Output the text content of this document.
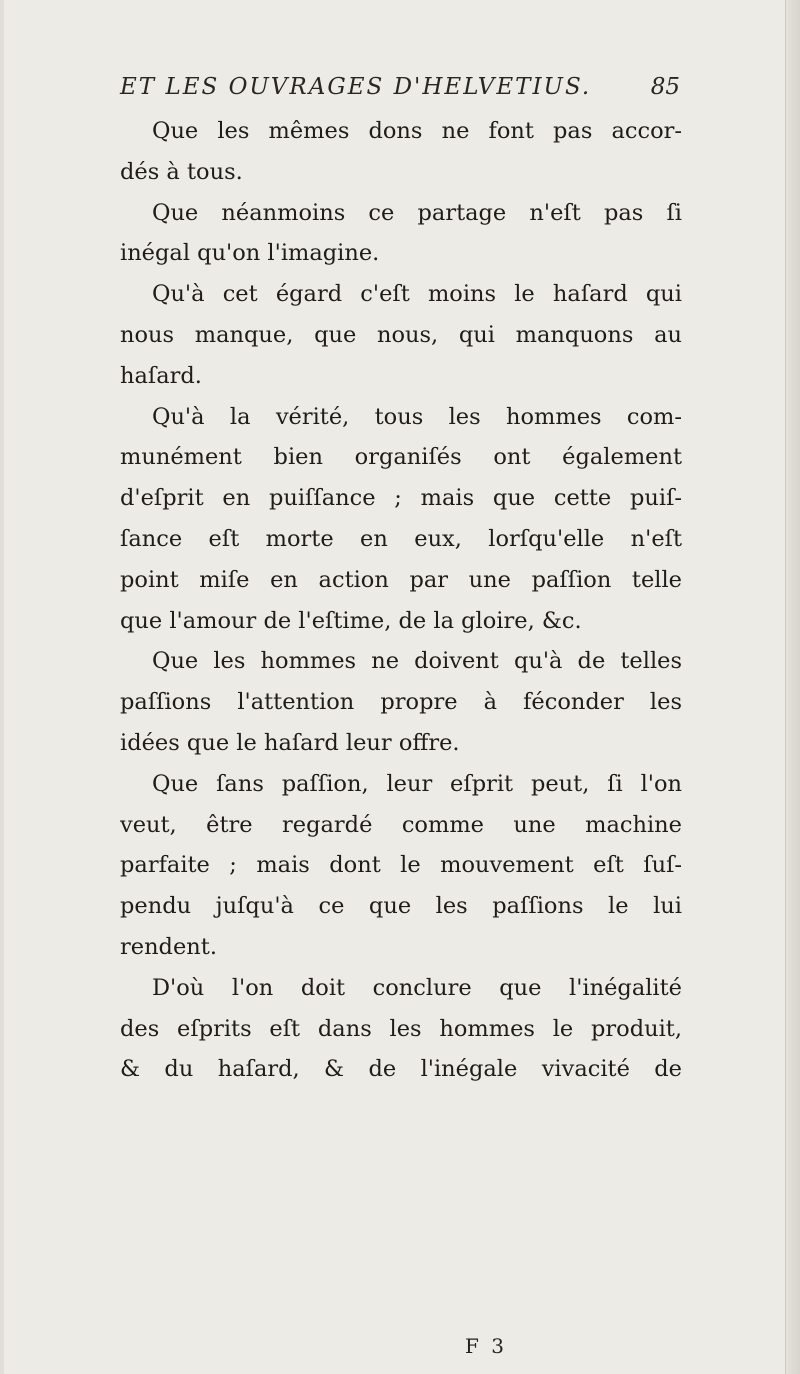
ET LES OUVRAGES D'HELVETIUS.	85
Que les mêmes dons ne font pas accor-
dés à tous.
Que néanmoins ce partage n'eſt pas ſi
inégal qu'on l'imagine.
Qu'à cet égard c'eſt moins le haſard qui
nous manque, que nous, qui manquons au
haſard.
Qu'à la vérité, tous les hommes com-
munément bien organiſés ont également
d'eſprit en puiſſance ; mais que cette puiſ-
ſance eſt morte en eux, lorſqu'elle n'eſt
point miſe en action par une paſſion telle
que l'amour de l'eſtime, de la gloire, &c.
Que les hommes ne doivent qu'à de telles
paſſions l'attention propre à féconder les
idées que le haſard leur offre.
Que ſans paſſion, leur eſprit peut, ſi l'on
veut, être regardé comme une machine
parfaite ; mais dont le mouvement eſt ſuſ-
pendu juſqu'à ce que les paſſions le lui
rendent.
D'où l'on doit conclure que l'inégalité
des eſprits eſt dans les hommes le produit,
& du haſard, & de l'inégale vivacité de
F 3
